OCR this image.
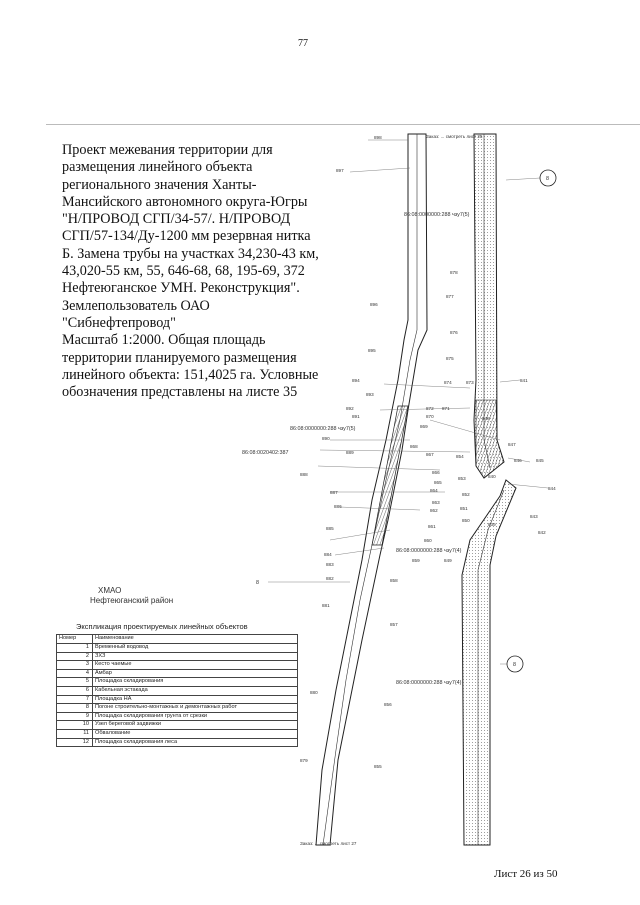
77
Проект межевания территории для
размещения линейного объекта
регионального значения Ханты-
Мансийского автономного округа-Югры
"Н/ПРОВОД СГП/34-57/. Н/ПРОВОД
СГП/57-134/Ду-1200 мм резервная нитка
Б. Замена трубы на участках 34,230-43 км,
43,020-55 км, 55, 646-68, 68, 195-69, 372
Нефтеюганское УМН. Реконструкция".
Землепользователь ОАО
"Сибнефтепровод"
Масштаб 1:2000. Общая площадь
территории планируемого размещения
линейного объекта: 151,4025 га. Условные
обозначения представлены на листе 35
898
897
896
895
894
893
892
891
890
889
888
887
886
885
884
883
882
881
880
879
878
877
876
875
874	873
872 871
870
869
868
867
866
865
864
863
862
861
860
859
858
857
856
855
854
853
852
851
850
849
848
847
846	845
844
843
842
841
840
839
86:08:0000000:288 чзу7(5)
86:08:0000000:288 чзу7(5)
86:08:0020402:387
86:08:0000000:288 чзу7(4)
86:08:0000000:288 чзу7(4)
Заказ: ... смотреть лист 25
Заказ: ... смотреть лист 27
8
8
8
ХМАО
Нефтеюганский район
Экспликация проектируемых линейных объектов
Номер	Наименование
1	Временный водовод
2	ЗХЗ
3	Кесто чаемые
4	Амбар
5	Площадка складирования
6	Кабельная эстакада
7	Площадка НА
8	Погоне строительно-монтажных и демонтажных работ
9	Площадка складирования грунта от срезки
10	Узел береговой задвижки
11	Обвалование
12	Площадка складирования леса
Лист 26 из 50
